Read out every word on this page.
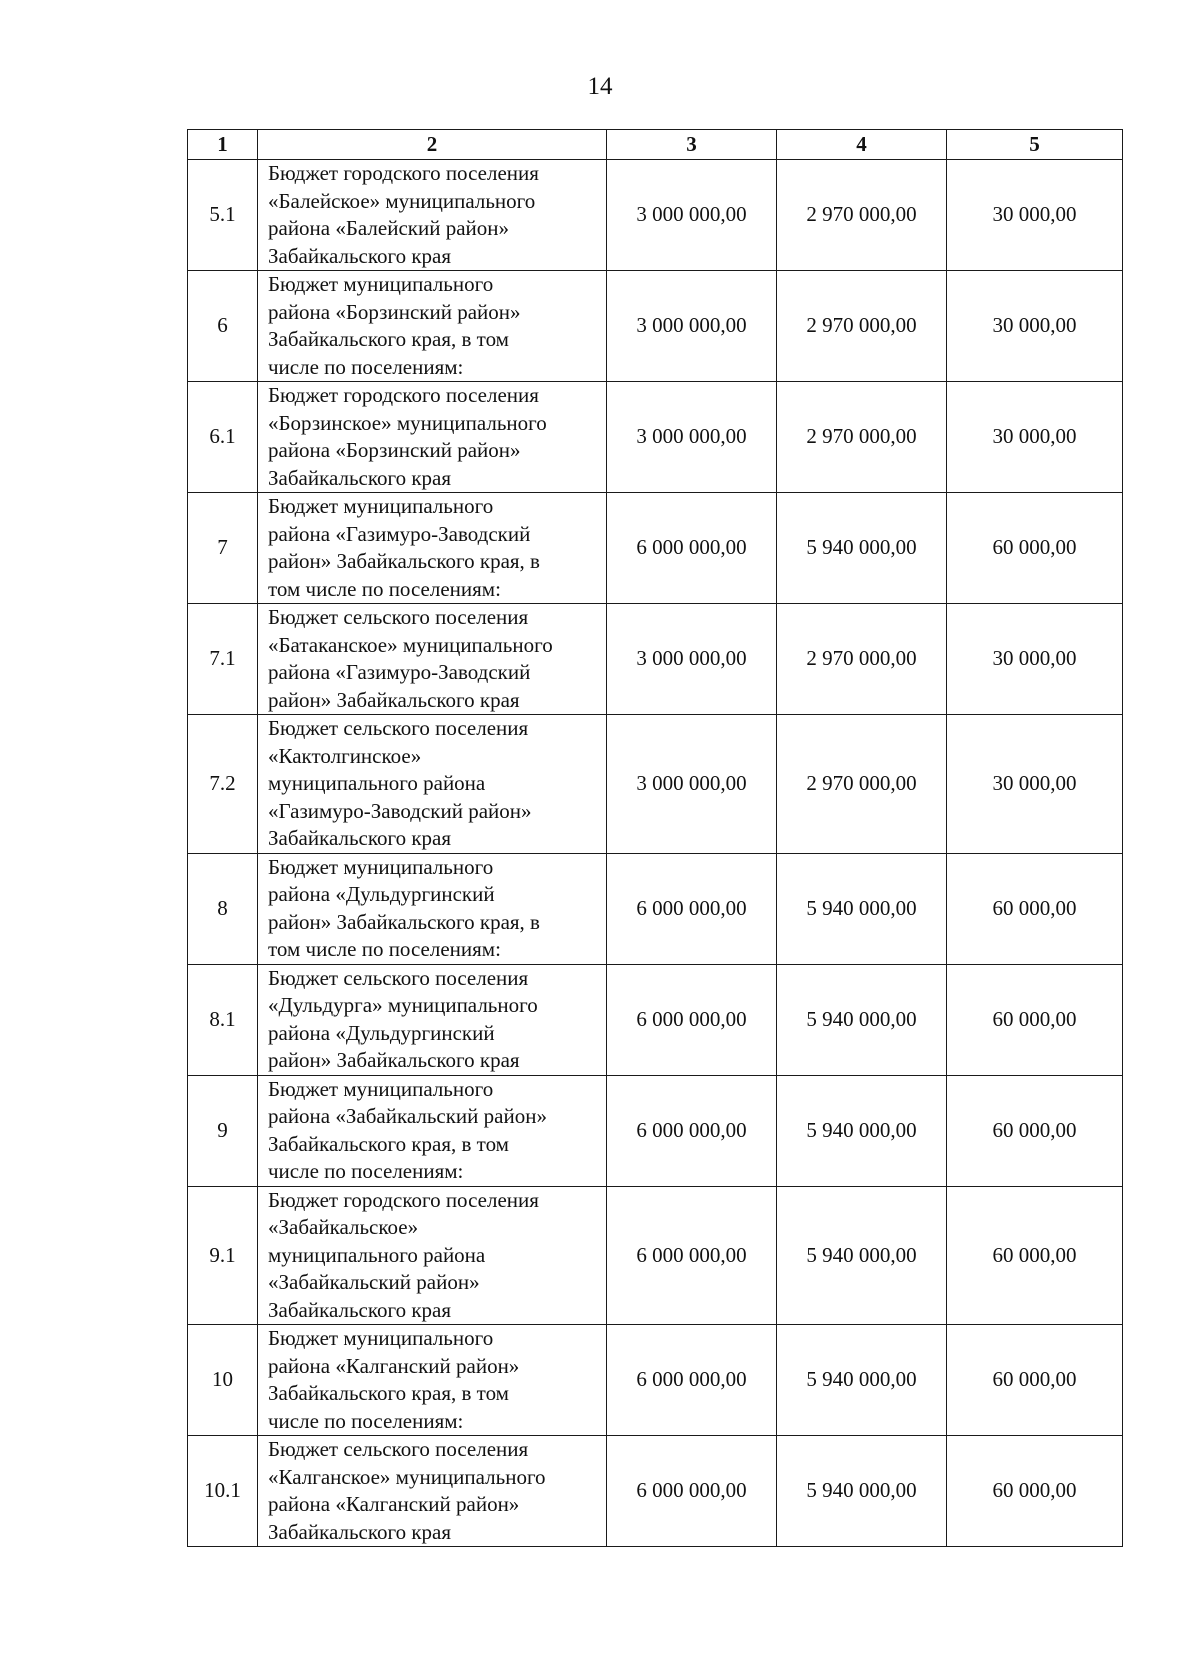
14
1	2	3	4	5
5.1	Бюджет городского поселения
«Балейское» муниципального
района «Балейский район»
Забайкальского края	3 000 000,00	2 970 000,00	30 000,00
6	Бюджет муниципального
района «Борзинский район»
Забайкальского края, в том
числе по поселениям:	3 000 000,00	2 970 000,00	30 000,00
6.1	Бюджет городского поселения
«Борзинское» муниципального
района «Борзинский район»
Забайкальского края	3 000 000,00	2 970 000,00	30 000,00
7	Бюджет муниципального
района «Газимуро-Заводский
район» Забайкальского края, в
том числе по поселениям:	6 000 000,00	5 940 000,00	60 000,00
7.1	Бюджет сельского поселения
«Батаканское» муниципального
района «Газимуро-Заводский
район» Забайкальского края	3 000 000,00	2 970 000,00	30 000,00
7.2	Бюджет сельского поселения
«Кактолгинское»
муниципального района
«Газимуро-Заводский район»
Забайкальского края	3 000 000,00	2 970 000,00	30 000,00
8	Бюджет муниципального
района «Дульдургинский
район» Забайкальского края, в
том числе по поселениям:	6 000 000,00	5 940 000,00	60 000,00
8.1	Бюджет сельского поселения
«Дульдурга» муниципального
района «Дульдургинский
район» Забайкальского края	6 000 000,00	5 940 000,00	60 000,00
9	Бюджет муниципального
района «Забайкальский район»
Забайкальского края, в том
числе по поселениям:	6 000 000,00	5 940 000,00	60 000,00
9.1	Бюджет городского поселения
«Забайкальское»
муниципального района
«Забайкальский район»
Забайкальского края	6 000 000,00	5 940 000,00	60 000,00
10	Бюджет муниципального
района «Калганский район»
Забайкальского края, в том
числе по поселениям:	6 000 000,00	5 940 000,00	60 000,00
10.1	Бюджет сельского поселения
«Калганское» муниципального
района «Калганский район»
Забайкальского края	6 000 000,00	5 940 000,00	60 000,00
